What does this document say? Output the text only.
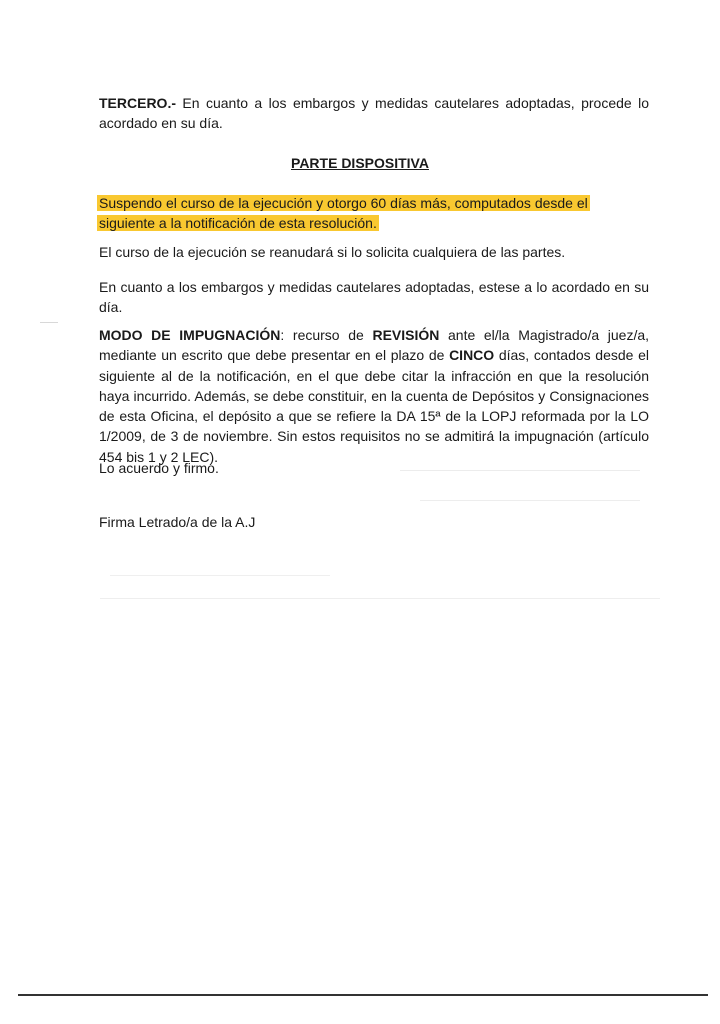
TERCERO.- En cuanto a los embargos y medidas cautelares adoptadas, procede lo acordado en su día.

PARTE DISPOSITIVA

Suspendo el curso de la ejecución y otorgo 60 días más, computados desde el
siguiente a la notificación de esta resolución.

El curso de la ejecución se reanudará si lo solicita cualquiera de las partes.

En cuanto a los embargos y medidas cautelares adoptadas, estese a lo acordado en su día.

MODO DE IMPUGNACIÓN: recurso de REVISIÓN ante el/la Magistrado/a juez/a, mediante un escrito que debe presentar en el plazo de CINCO días, contados desde el siguiente al de la notificación, en el que debe citar la infracción en que la resolución haya incurrido. Además, se debe constituir, en la cuenta de Depósitos y Consignaciones de esta Oficina, el depósito a que se refiere la DA 15ª de la LOPJ reformada por la LO 1/2009, de 3 de noviembre. Sin estos requisitos no se admitirá la impugnación (artículo 454 bis 1 y 2 LEC).

Lo acuerdo y firmo.

Firma Letrado/a de la A.J
